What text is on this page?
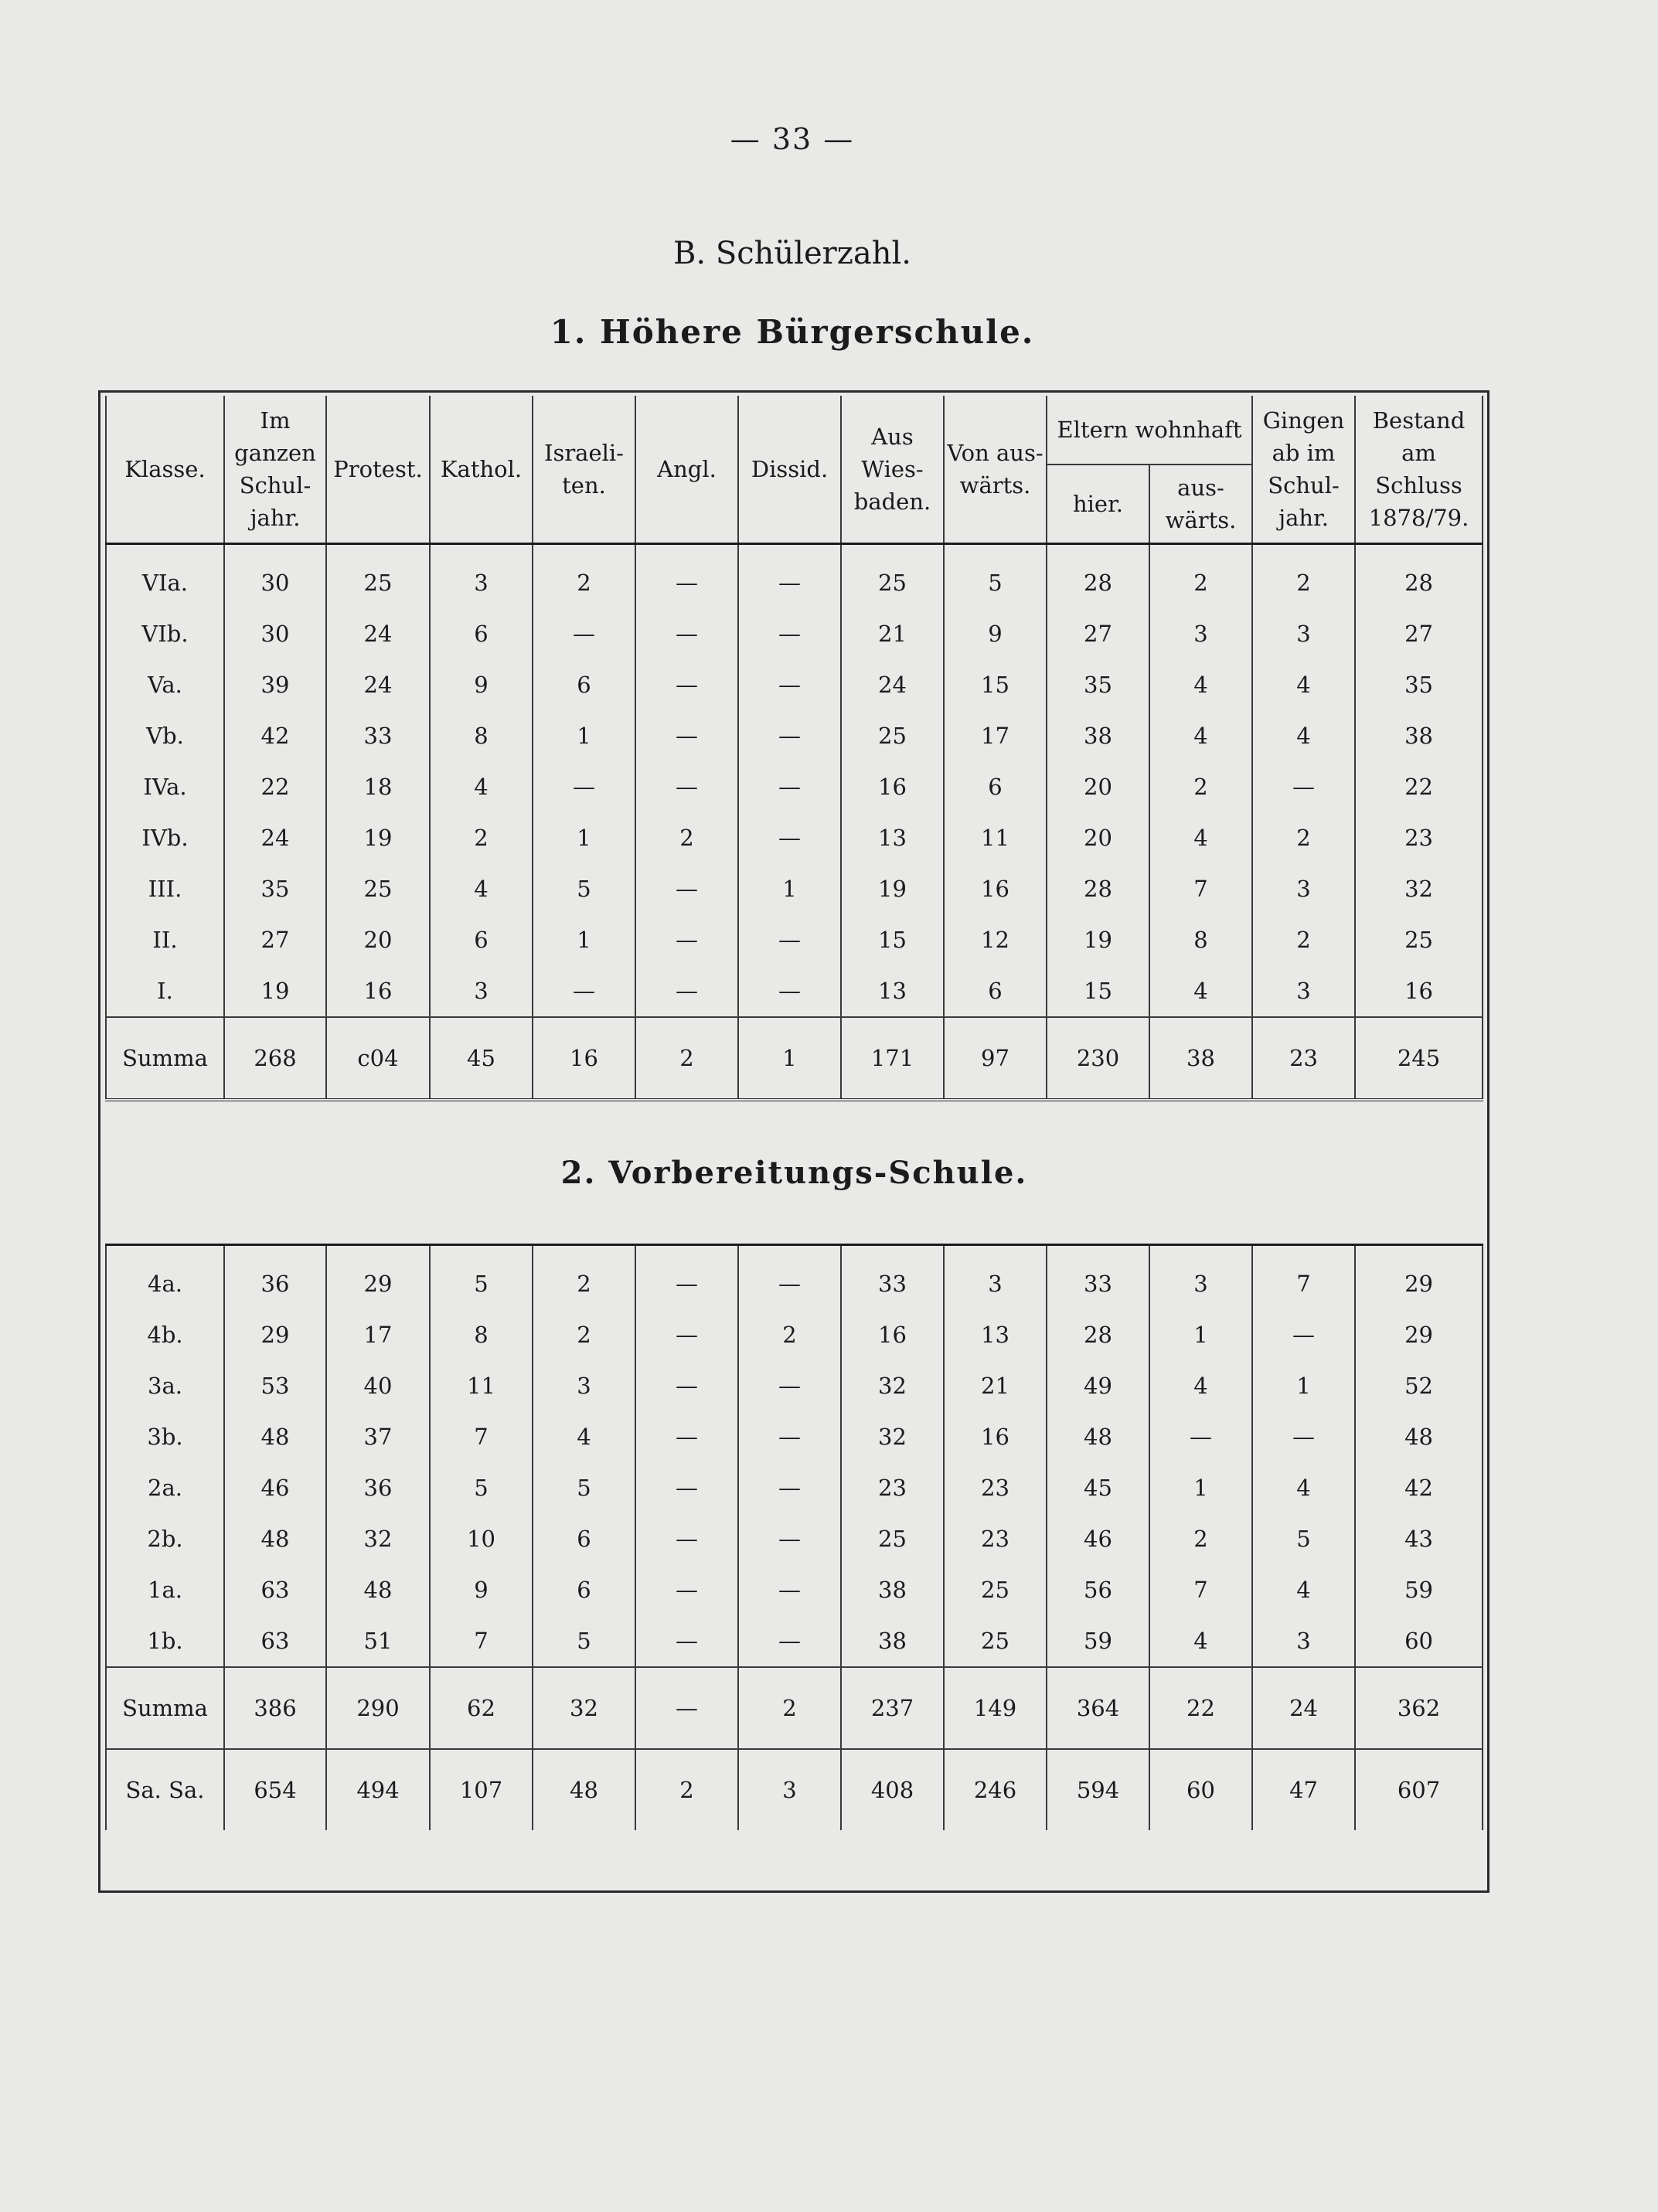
— 33 —
B. Schülerzahl.
1. Höhere Bürgerschule.
Klasse.	Im ganzen Schul- jahr.	Protest.	Kathol.	Israeli- ten.	Angl.	Dissid.	Aus Wies- baden.	Von aus- wärts.	Eltern wohnhaft		Gingen ab im Schul- jahr.	Bestand am Schluss 1878/79.
									hier.	aus- wärts.		
VIa.	30	25	3	2	—	—	25	5	28	2	2	28
VIb.	30	24	6	—	—	—	21	9	27	3	3	27
Va.	39	24	9	6	—	—	24	15	35	4	4	35
Vb.	42	33	8	1	—	—	25	17	38	4	4	38
IVa.	22	18	4	—	—	—	16	6	20	2	—	22
IVb.	24	19	2	1	2	—	13	11	20	4	2	23
III.	35	25	4	5	—	1	19	16	28	7	3	32
II.	27	20	6	1	—	—	15	12	19	8	2	25
I.	19	16	3	—	—	—	13	6	15	4	3	16
Summa	268	ⅽ04	45	16	2	1	171	97	230	38	23	245
2. Vorbereitungs-Schule.												
4a.	36	29	5	2	—	—	33	3	33	3	7	29
4b.	29	17	8	2	—	2	16	13	28	1	—	29
3a.	53	40	11	3	—	—	32	21	49	4	1	52
3b.	48	37	7	4	—	—	32	16	48	—	—	48
2a.	46	36	5	5	—	—	23	23	45	1	4	42
2b.	48	32	10	6	—	—	25	23	46	2	5	43
1a.	63	48	9	6	—	—	38	25	56	7	4	59
1b.	63	51	7	5	—	—	38	25	59	4	3	60
Summa	386	290	62	32	—	2	237	149	364	22	24	362
Sa. Sa.	654	494	107	48	2	3	408	246	594	60	47	607
